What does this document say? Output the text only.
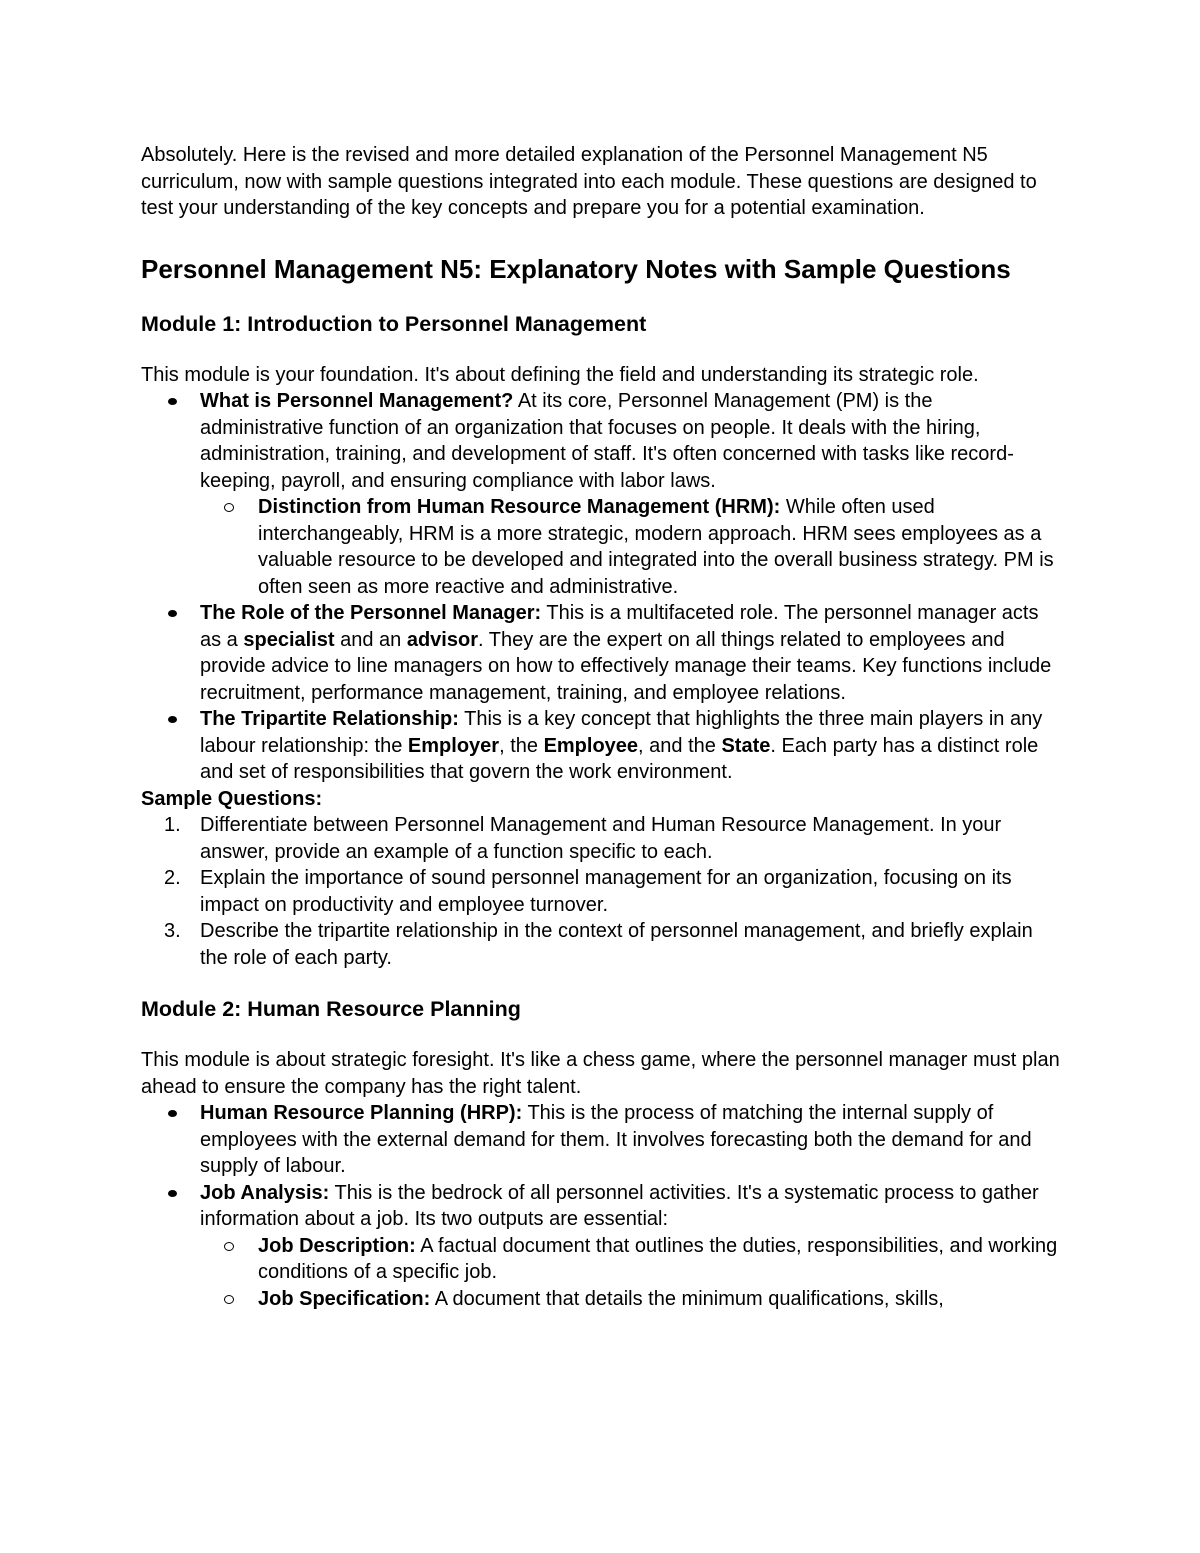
Absolutely. Here is the revised and more detailed explanation of the Personnel Management N5 curriculum, now with sample questions integrated into each module. These questions are designed to test your understanding of the key concepts and prepare you for a potential examination.

Personnel Management N5: Explanatory Notes with Sample Questions
Module 1: Introduction to Personnel Management

This module is your foundation. It's about defining the field and understanding its strategic role.

What is Personnel Management? At its core, Personnel Management (PM) is the administrative function of an organization that focuses on people. It deals with the hiring, administration, training, and development of staff. It's often concerned with tasks like record-keeping, payroll, and ensuring compliance with labor laws.
Distinction from Human Resource Management (HRM): While often used interchangeably, HRM is a more strategic, modern approach. HRM sees employees as a valuable resource to be developed and integrated into the overall business strategy. PM is often seen as more reactive and administrative.
The Role of the Personnel Manager: This is a multifaceted role. The personnel manager acts as a specialist and an advisor. They are the expert on all things related to employees and provide advice to line managers on how to effectively manage their teams. Key functions include recruitment, performance management, training, and employee relations.
The Tripartite Relationship: This is a key concept that highlights the three main players in any labour relationship: the Employer, the Employee, and the State. Each party has a distinct role and set of responsibilities that govern the work environment.

Sample Questions:

1. Differentiate between Personnel Management and Human Resource Management. In your answer, provide an example of a function specific to each.
2. Explain the importance of sound personnel management for an organization, focusing on its impact on productivity and employee turnover.
3. Describe the tripartite relationship in the context of personnel management, and briefly explain the role of each party.
Module 2: Human Resource Planning

This module is about strategic foresight. It's like a chess game, where the personnel manager must plan ahead to ensure the company has the right talent.

Human Resource Planning (HRP): This is the process of matching the internal supply of employees with the external demand for them. It involves forecasting both the demand for and supply of labour.
Job Analysis: This is the bedrock of all personnel activities. It's a systematic process to gather information about a job. Its two outputs are essential:
Job Description: A factual document that outlines the duties, responsibilities, and working conditions of a specific job.
Job Specification: A document that details the minimum qualifications, skills,
